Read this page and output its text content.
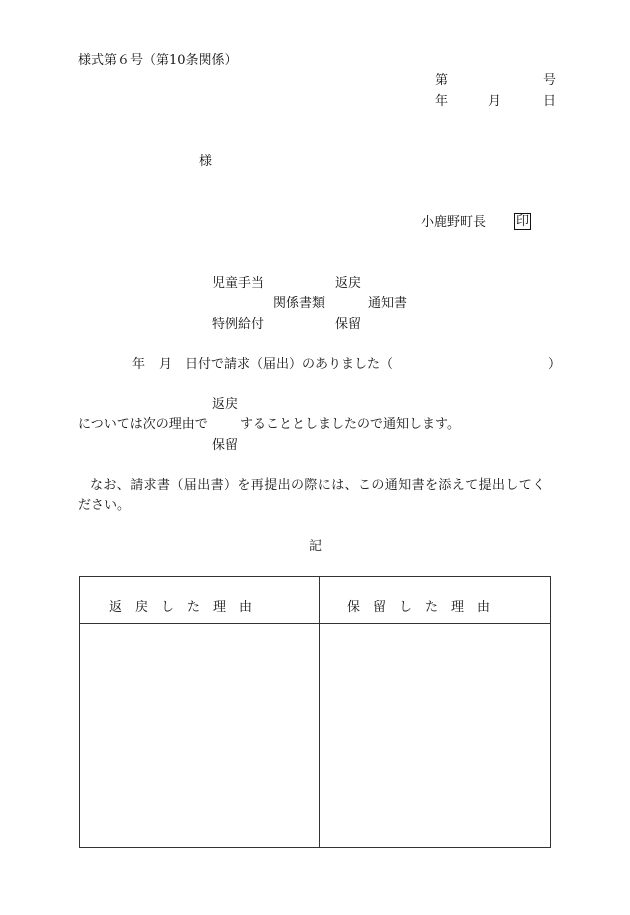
様式第６号（第10条関係）
第	号
年	月	日
様
小鹿野町長 印
児童手当	返戻
関係書類	通知書
特例給付	保留
年 月 日付で請求（届出）のありました（	）
返戻
については次の理由で することとしましたので通知します。
保留
なお、請求書（届出書）を再提出の際には、この通知書を添えて提出してく
ださい。
記
返戻した理由	保留した理由
